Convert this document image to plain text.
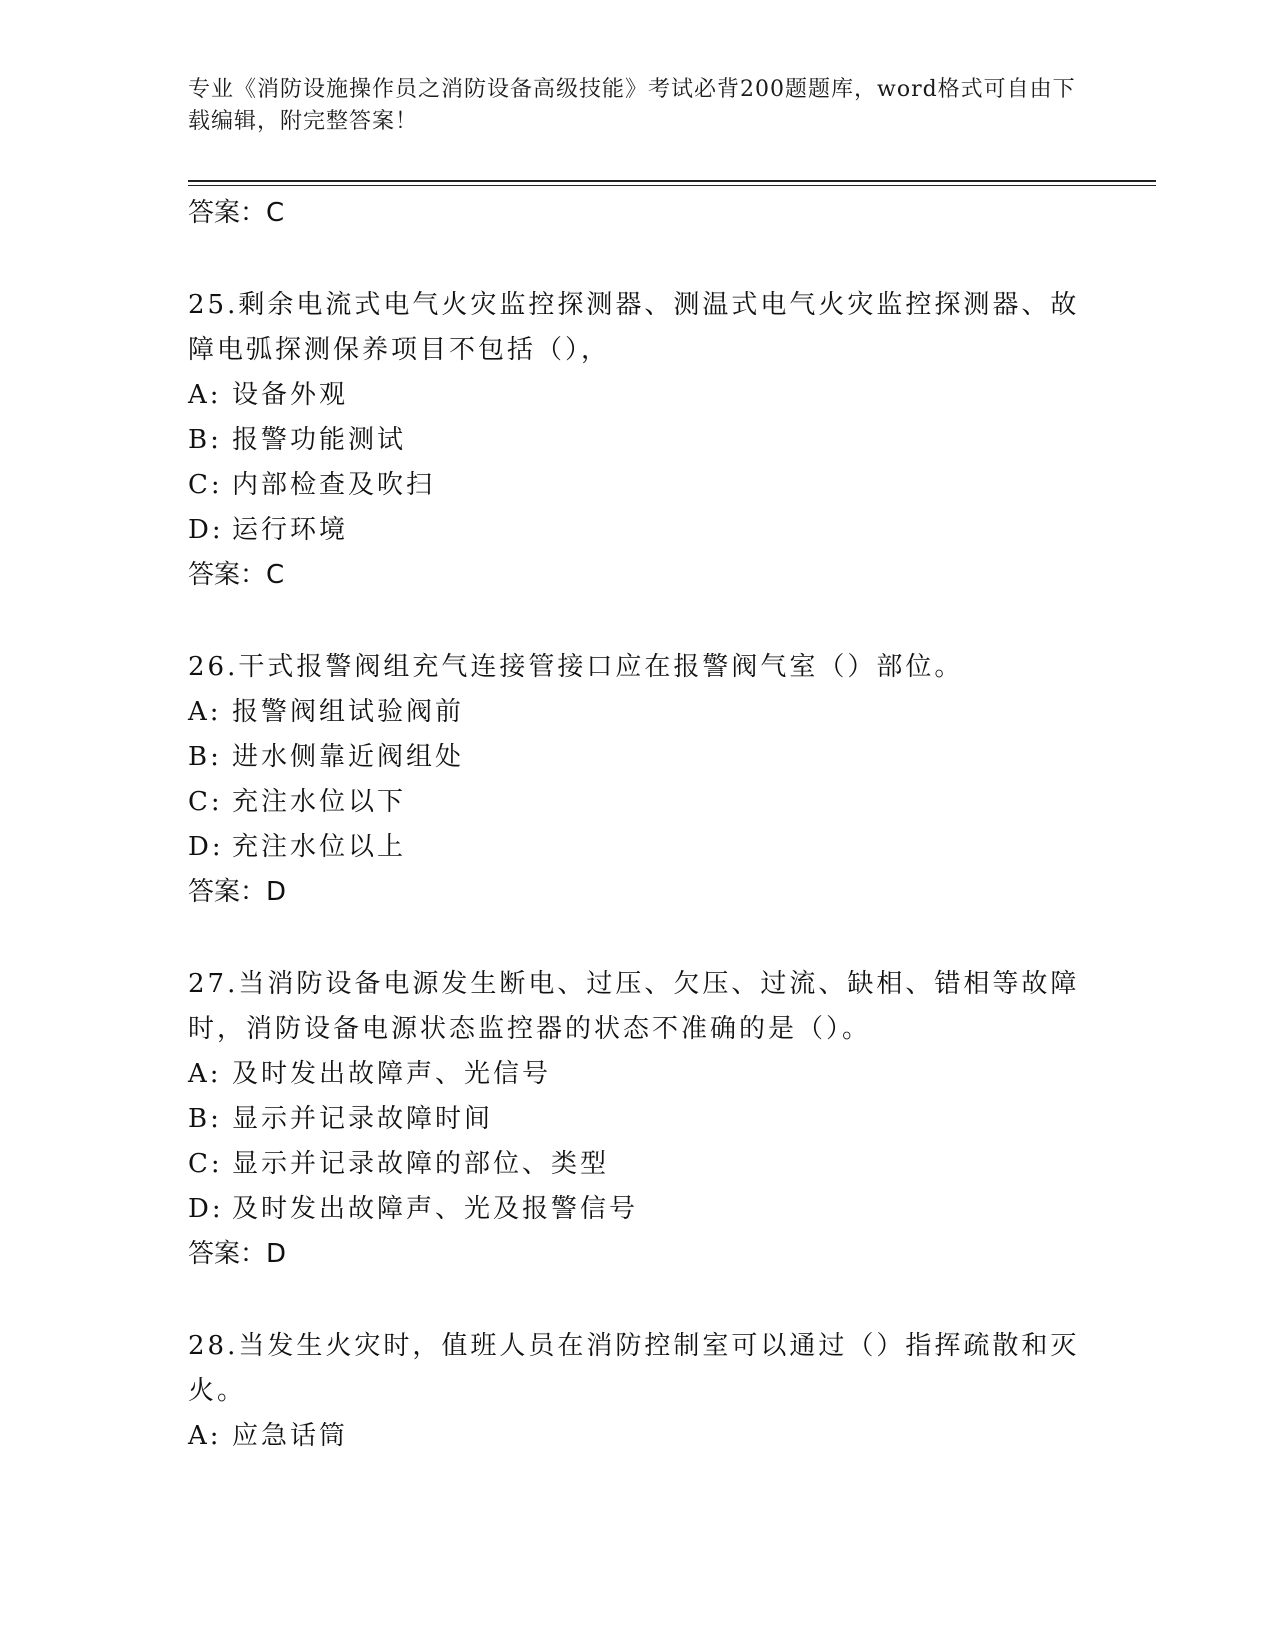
专业《消防设施操作员之消防设备高级技能》考试必背200题题库，word格式可自由下载编辑，附完整答案！
答案：C
25.剩余电流式电气火灾监控探测器、测温式电气火灾监控探测器、故障电弧探测保养项目不包括（），
A: 设备外观
B: 报警功能测试
C: 内部检查及吹扫
D: 运行环境
答案：C
26.干式报警阀组充气连接管接口应在报警阀气室（）部位。
A: 报警阀组试验阀前
B: 进水侧靠近阀组处
C: 充注水位以下
D: 充注水位以上
答案：D
27.当消防设备电源发生断电、过压、欠压、过流、缺相、错相等故障时，消防设备电源状态监控器的状态不准确的是（）。
A: 及时发出故障声、光信号
B: 显示并记录故障时间
C: 显示并记录故障的部位、类型
D: 及时发出故障声、光及报警信号
答案：D
28.当发生火灾时，值班人员在消防控制室可以通过（）指挥疏散和灭火。
A: 应急话筒
